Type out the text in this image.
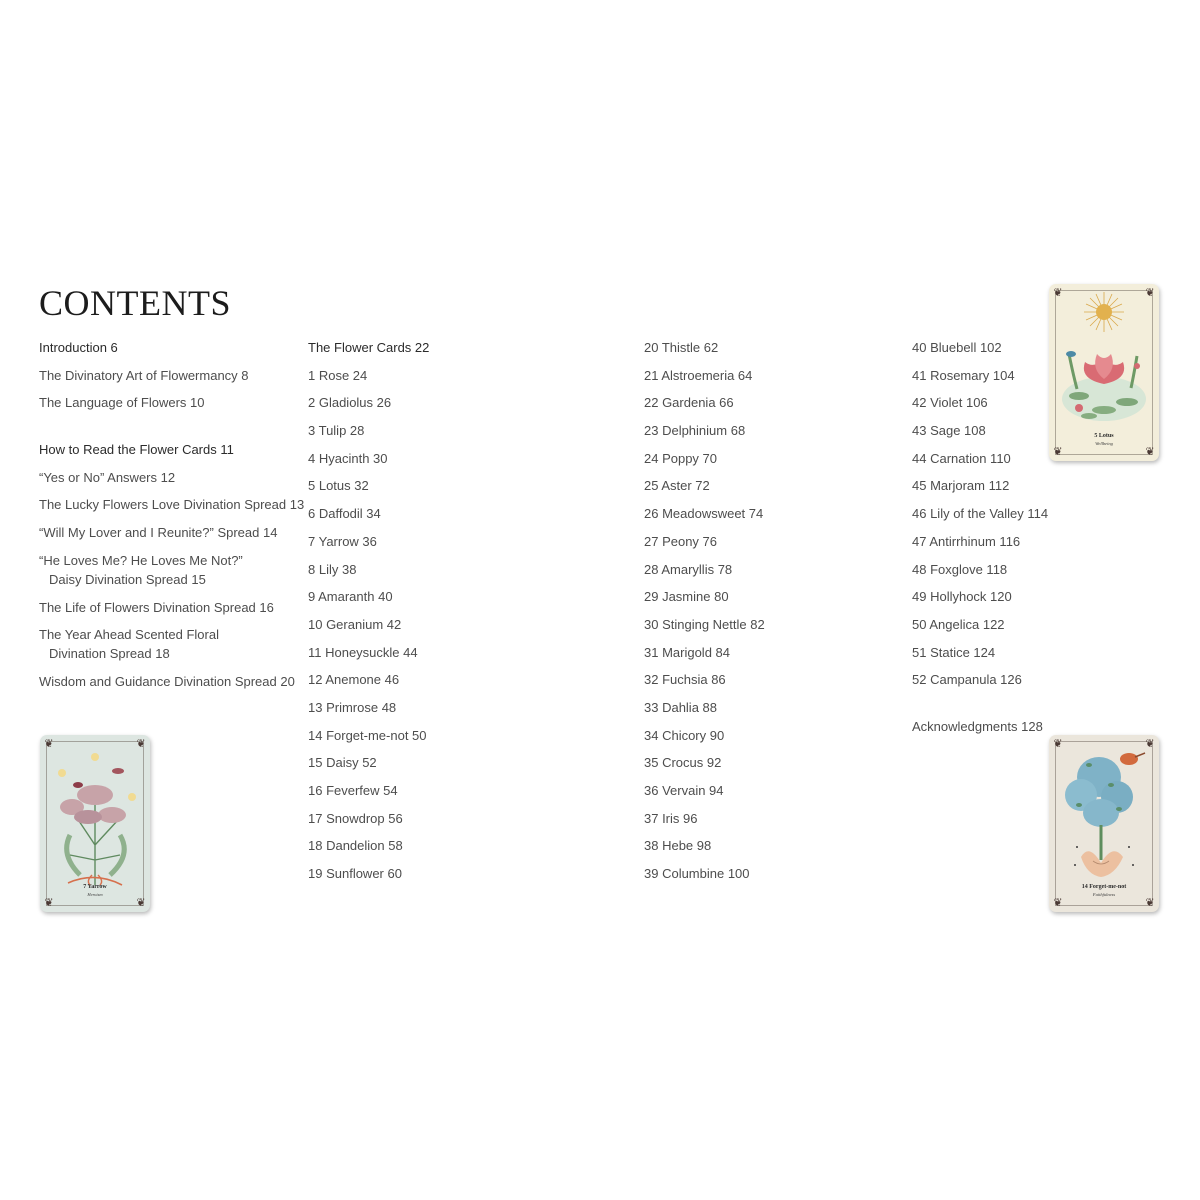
CONTENTS
Introduction 6
The Divinatory Art of Flowermancy 8
The Language of Flowers 10
How to Read the Flower Cards 11
“Yes or No” Answers 12
The Lucky Flowers Love Divination Spread 13
“Will My Lover and I Reunite?” Spread 14
“He Loves Me? He Loves Me Not?”
Daisy Divination Spread 15
The Life of Flowers Divination Spread 16
The Year Ahead Scented Floral
Divination Spread 18
Wisdom and Guidance Divination Spread 20
The Flower Cards 22
1 Rose 24
2 Gladiolus 26
3 Tulip 28
4 Hyacinth 30
5 Lotus 32
6 Daffodil 34
7 Yarrow 36
8 Lily 38
9 Amaranth 40
10 Geranium 42
11 Honeysuckle 44
12 Anemone 46
13 Primrose 48
14 Forget-me-not 50
15 Daisy 52
16 Feverfew 54
17 Snowdrop 56
18 Dandelion 58
19 Sunflower 60
20 Thistle 62
21 Alstroemeria 64
22 Gardenia 66
23 Delphinium 68
24 Poppy 70
25 Aster 72
26 Meadowsweet 74
27 Peony 76
28 Amaryllis 78
29 Jasmine 80
30 Stinging Nettle 82
31 Marigold 84
32 Fuchsia 86
33 Dahlia 88
34 Chicory 90
35 Crocus 92
36 Vervain 94
37 Iris 96
38 Hebe 98
39 Columbine 100
40 Bluebell 102
41 Rosemary 104
42 Violet 106
43 Sage 108
44 Carnation 110
45 Marjoram 112
46 Lily of the Valley 114
47 Antirrhinum 116
48 Foxglove 118
49 Hollyhock 120
50 Angelica 122
51 Statice 124
52 Campanula 126
Acknowledgments 128
❦	❦
❦	❦
5 Lotus
Wellbeing
❦	❦
❦	❦
7 Yarrow
Heroism
❦	❦
❦	❦
14 Forget-me-not
Faithfulness
